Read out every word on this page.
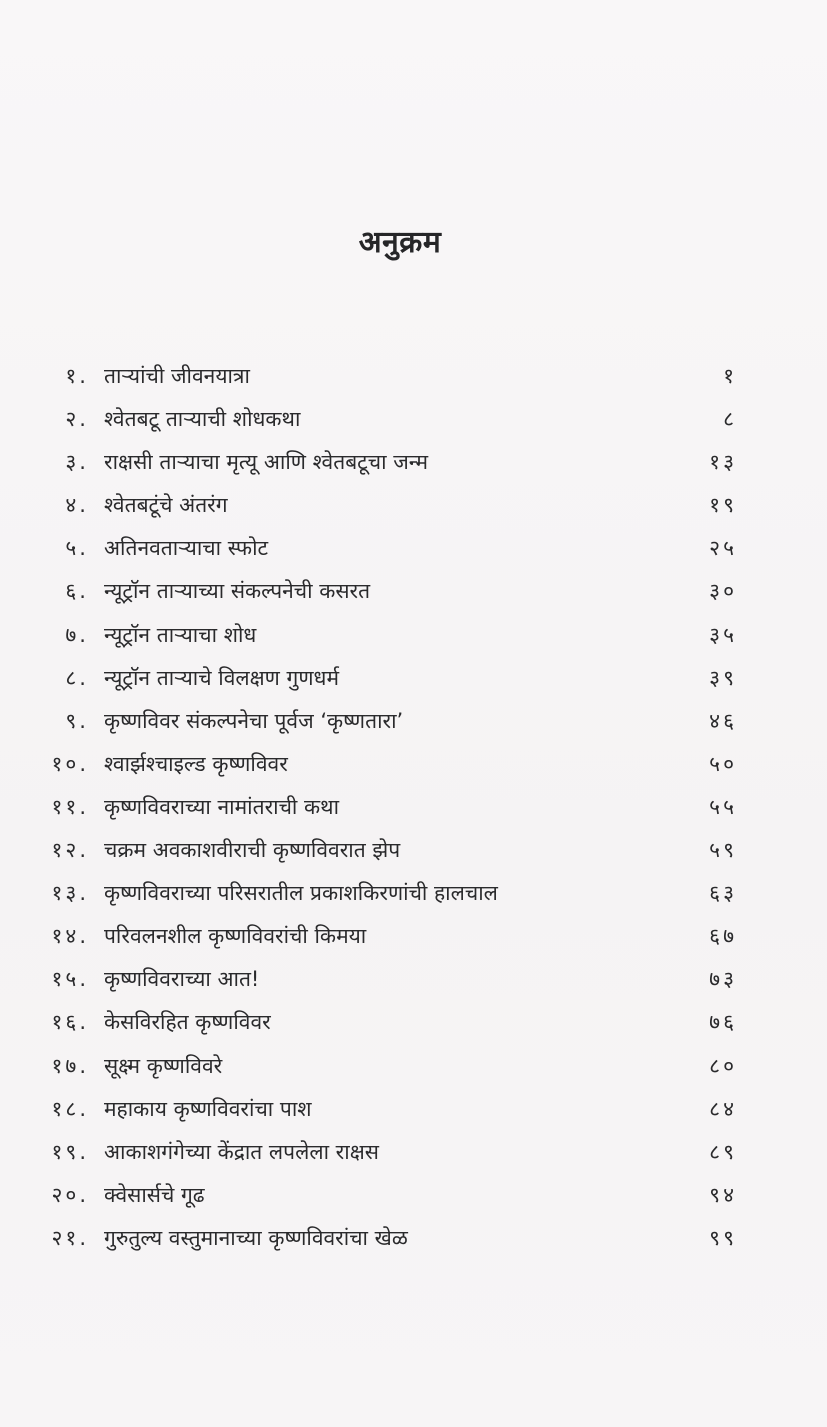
अनुक्रम
१. ताऱ्यांची जीवनयात्रा	१
२. श्वेतबटू ताऱ्याची शोधकथा	८
३. राक्षसी ताऱ्याचा मृत्यू आणि श्वेतबटूचा जन्म	१३
४. श्वेतबटूंचे अंतरंग	१९
५. अतिनवताऱ्याचा स्फोट	२५
६. न्यूट्रॉन ताऱ्याच्या संकल्पनेची कसरत	३०
७. न्यूट्रॉन ताऱ्याचा शोध	३५
८. न्यूट्रॉन ताऱ्याचे विलक्षण गुणधर्म	३९
९. कृष्णविवर संकल्पनेचा पूर्वज ‘कृष्णतारा’	४६
१०. श्वार्झश्चाइल्ड कृष्णविवर	५०
११. कृष्णविवराच्या नामांतराची कथा	५५
१२. चक्रम अवकाशवीराची कृष्णविवरात झेप	५९
१३. कृष्णविवराच्या परिसरातील प्रकाशकिरणांची हालचाल	६३
१४. परिवलनशील कृष्णविवरांची किमया	६७
१५. कृष्णविवराच्या आत!	७३
१६. केसविरहित कृष्णविवर	७६
१७. सूक्ष्म कृष्णविवरे	८०
१८. महाकाय कृष्णविवरांचा पाश	८४
१९. आकाशगंगेच्या केंद्रात लपलेला राक्षस	८९
२०. क्वेसार्सचे गूढ	९४
२१. गुरुतुल्य वस्तुमानाच्या कृष्णविवरांचा खेळ	९९
